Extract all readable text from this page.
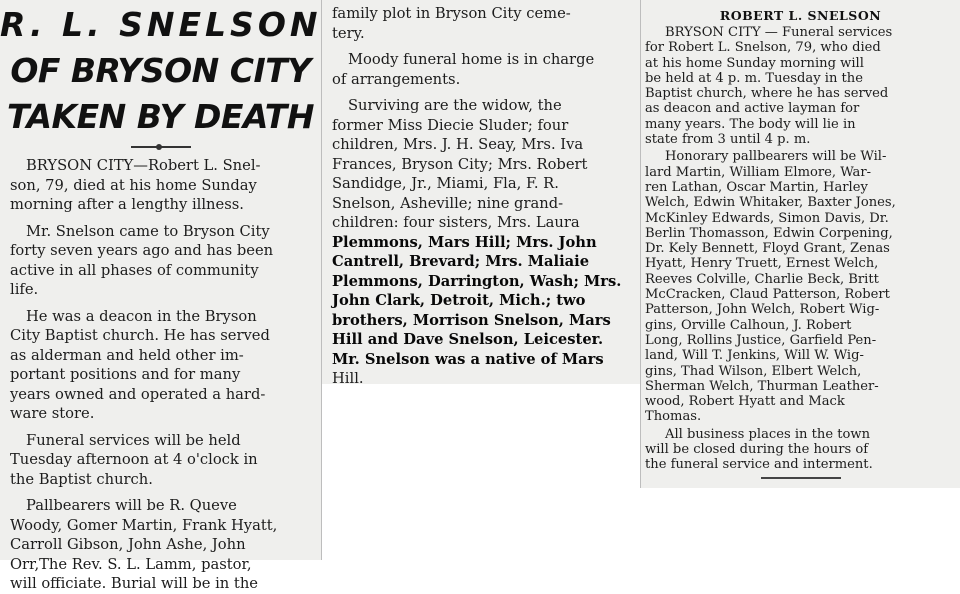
R. L. SNELSON
OF BRYSON CITY
TAKEN BY DEATH
BRYSON CITY—Robert L. Snel-
son, 79, died at his home Sunday
morning after a lengthy illness.
Mr. Snelson came to Bryson City
forty seven years ago and has been
active in all phases of community
life.
He was a deacon in the Bryson
City Baptist church. He has served
as alderman and held other im-
portant positions and for many
years owned and operated a hard-
ware store.
Funeral services will be held
Tuesday afternoon at 4 o'clock in
the Baptist church.
Pallbearers will be R. Queve
Woody, Gomer Martin, Frank Hyatt,
Carroll Gibson, John Ashe, John
Orr,The Rev. S. L. Lamm, pastor,
will officiate. Burial will be in the
family plot in Bryson City ceme-
tery.
Moody funeral home is in charge
of arrangements.
Surviving are the widow, the
former Miss Diecie Sluder; four
children, Mrs. J. H. Seay, Mrs. Iva
Frances, Bryson City; Mrs. Robert
Sandidge, Jr., Miami, Fla, F. R.
Snelson, Asheville; nine grand-
children: four sisters, Mrs. Laura
Plemmons, Mars Hill; Mrs. John
Cantrell, Brevard; Mrs. Maliaie
Plemmons, Darrington, Wash; Mrs.
John Clark, Detroit, Mich.; two
brothers, Morrison Snelson, Mars
Hill and Dave Snelson, Leicester.
Mr. Snelson was a native of Mars
Hill.
ROBERT L. SNELSON
BRYSON CITY — Funeral services
for Robert L. Snelson, 79, who died
at his home Sunday morning will
be held at 4 p. m. Tuesday in the
Baptist church, where he has served
as deacon and active layman for
many years. The body will lie in
state from 3 until 4 p. m.
Honorary pallbearers will be Wil-
lard Martin, William Elmore, War-
ren Lathan, Oscar Martin, Harley
Welch, Edwin Whitaker, Baxter Jones,
McKinley Edwards, Simon Davis, Dr.
Berlin Thomasson, Edwin Corpening,
Dr. Kely Bennett, Floyd Grant, Zenas
Hyatt, Henry Truett, Ernest Welch,
Reeves Colville, Charlie Beck, Britt
McCracken, Claud Patterson, Robert
Patterson, John Welch, Robert Wig-
gins, Orville Calhoun, J. Robert
Long, Rollins Justice, Garfield Pen-
land, Will T. Jenkins, Will W. Wig-
gins, Thad Wilson, Elbert Welch,
Sherman Welch, Thurman Leather-
wood, Robert Hyatt and Mack
Thomas.
All business places in the town
will be closed during the hours of
the funeral service and interment.
